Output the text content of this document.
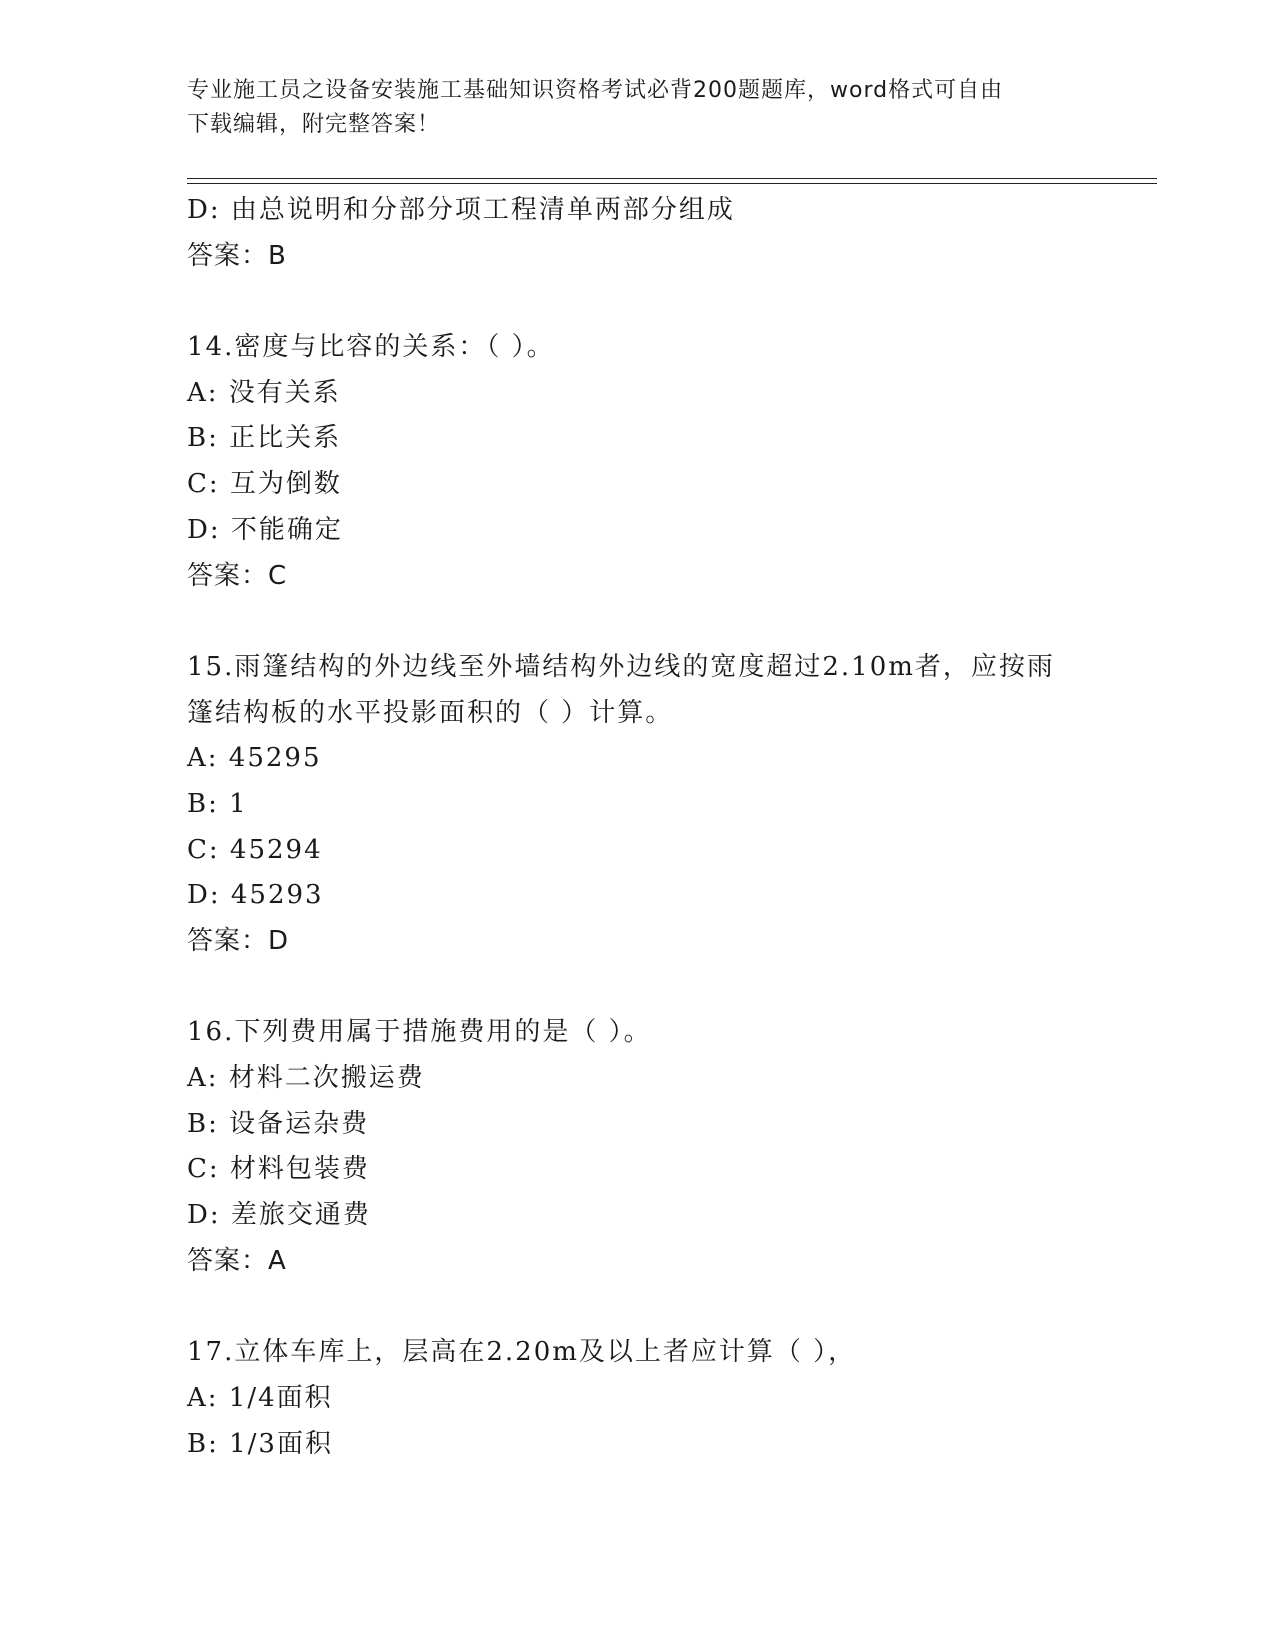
专业施工员之设备安装施工基础知识资格考试必背200题题库，word格式可自由
下载编辑，附完整答案！
D: 由总说明和分部分项工程清单两部分组成
答案：B
14.密度与比容的关系：（ ）。
A: 没有关系
B: 正比关系
C: 互为倒数
D: 不能确定
答案：C
15.雨篷结构的外边线至外墙结构外边线的宽度超过2.10m者，应按雨
篷结构板的水平投影面积的（ ）计算。
A: 45295
B: 1
C: 45294
D: 45293
答案：D
16.下列费用属于措施费用的是（ ）。
A: 材料二次搬运费
B: 设备运杂费
C: 材料包装费
D: 差旅交通费
答案：A
17.立体车库上，层高在2.20m及以上者应计算（ ），
A: 1/4面积
B: 1/3面积
